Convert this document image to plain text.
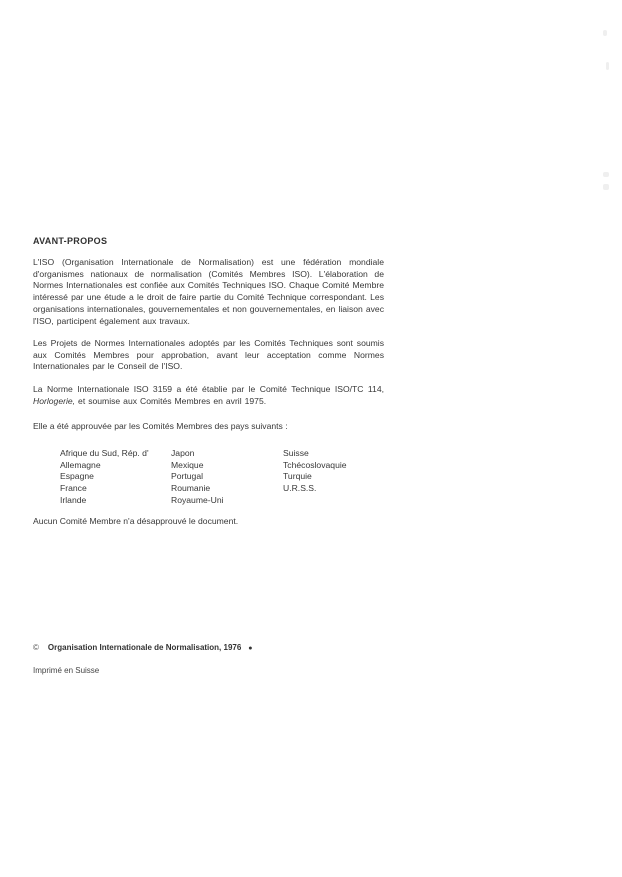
AVANT-PROPOS

L'ISO (Organisation Internationale de Normalisation) est une fédération mondiale d'organismes nationaux de normalisation (Comités Membres ISO). L'élaboration de Normes Internationales est confiée aux Comités Techniques ISO. Chaque Comité Membre intéressé par une étude a le droit de faire partie du Comité Technique correspondant. Les organisations internationales, gouvernementales et non gouvernementales, en liaison avec l'ISO, participent également aux travaux.

Les Projets de Normes Internationales adoptés par les Comités Techniques sont soumis aux Comités Membres pour approbation, avant leur acceptation comme Normes Internationales par le Conseil de l'ISO.

La Norme Internationale ISO 3159 a été établie par le Comité Technique ISO/TC 114, Horlogerie, et soumise aux Comités Membres en avril 1975.

Elle a été approuvée par les Comités Membres des pays suivants :

Afrique du Sud, Rép. d'
Allemagne
Espagne
France
Irlande
Japon
Mexique
Portugal
Roumanie
Royaume-Uni
Suisse
Tchécoslovaquie
Turquie
U.R.S.S.

Aucun Comité Membre n'a désapprouvé le document.

© Organisation Internationale de Normalisation, 1976 ●

Imprimé en Suisse
